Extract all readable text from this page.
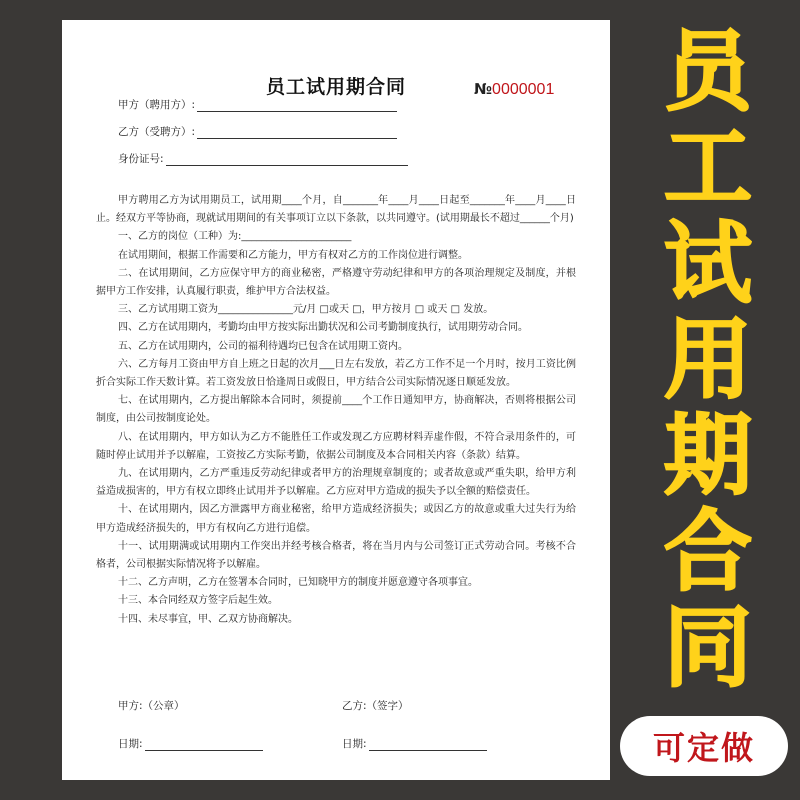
员工试用期合同	№0000001
甲方（聘用方）:
乙方（受聘方）:
身份证号:

甲方聘用乙方为试用期员工，试用期____个月，自_______年____月____日起至_______年____月____日止。经双方平等协商，现就试用期间的有关事项订立以下条款，以共同遵守。(试用期最长不超过______个月)

一、乙方的岗位（工种）为:______________________

在试用期间，根据工作需要和乙方能力，甲方有权对乙方的工作岗位进行调整。

二、在试用期间，乙方应保守甲方的商业秘密，严格遵守劳动纪律和甲方的各项治理规定及制度，并根据甲方工作安排，认真履行职责，维护甲方合法权益。

三、乙方试用期工资为_______________元/月 □或天 □，甲方按月 □ 或天 □ 发放。

四、乙方在试用期内，考勤均由甲方按实际出勤状况和公司考勤制度执行，试用期劳动合同。

五、乙方在试用期内，公司的福利待遇均已包含在试用期工资内。

六、乙方每月工资由甲方自上班之日起的次月___日左右发放，若乙方工作不足一个月时，按月工资比例折合实际工作天数计算。若工资发放日恰逢周日或假日，甲方结合公司实际情况逐日顺延发放。

七、在试用期内，乙方提出解除本合同时，须提前____个工作日通知甲方，协商解决，否则将根据公司制度，由公司按制度论处。

八、在试用期内，甲方如认为乙方不能胜任工作或发现乙方应聘材料弄虚作假，不符合录用条件的，可随时停止试用并予以解雇，工资按乙方实际考勤，依据公司制度及本合同相关内容（条款）结算。

九、在试用期内，乙方严重违反劳动纪律或者甲方的治理规章制度的；或者故意或严重失职，给甲方利益造成损害的，甲方有权立即终止试用并予以解雇。乙方应对甲方造成的损失予以全额的赔偿责任。

十、在试用期内，因乙方泄露甲方商业秘密，给甲方造成经济损失；或因乙方的故意或重大过失行为给甲方造成经济损失的，甲方有权向乙方进行追偿。

十一、试用期满或试用期内工作突出并经考核合格者，将在当月内与公司签订正式劳动合同。考核不合格者，公司根据实际情况将予以解雇。

十二、乙方声明，乙方在签署本合同时，已知晓甲方的制度并愿意遵守各项事宜。

十三、本合同经双方签字后起生效。

十四、未尽事宜，甲、乙双方协商解决。

甲方:（公章）	乙方:（签字）
日期:	日期:
员
工
试
用
期
合
同
可定做
